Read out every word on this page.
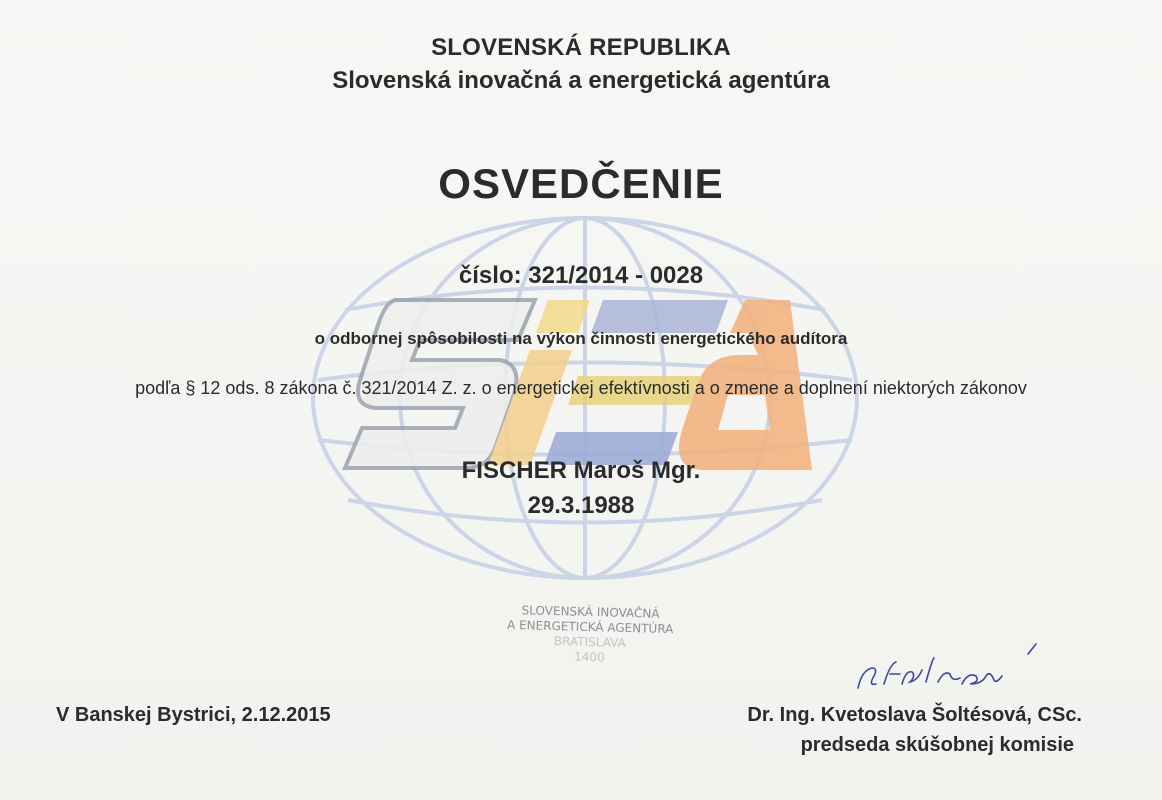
SLOVENSKÁ REPUBLIKA
Slovenská inovačná a energetická agentúra
OSVEDČENIE
číslo: 321/2014 - 0028
o odbornej spôsobilosti na výkon činnosti energetického audítora
podľa § 12 ods. 8 zákona č. 321/2014 Z. z. o energetickej efektívnosti a o zmene a doplnení niektorých zákonov
FISCHER Maroš Mgr.
29.3.1988
SLOVENSKÁ INOVAČNÁ
A ENERGETICKÁ AGENTÚRA
BRATISLAVA
1400
V Banskej Bystrici, 2.12.2015	Dr. Ing. Kvetoslava Šoltésová, CSc.
predseda skúšobnej komisie
